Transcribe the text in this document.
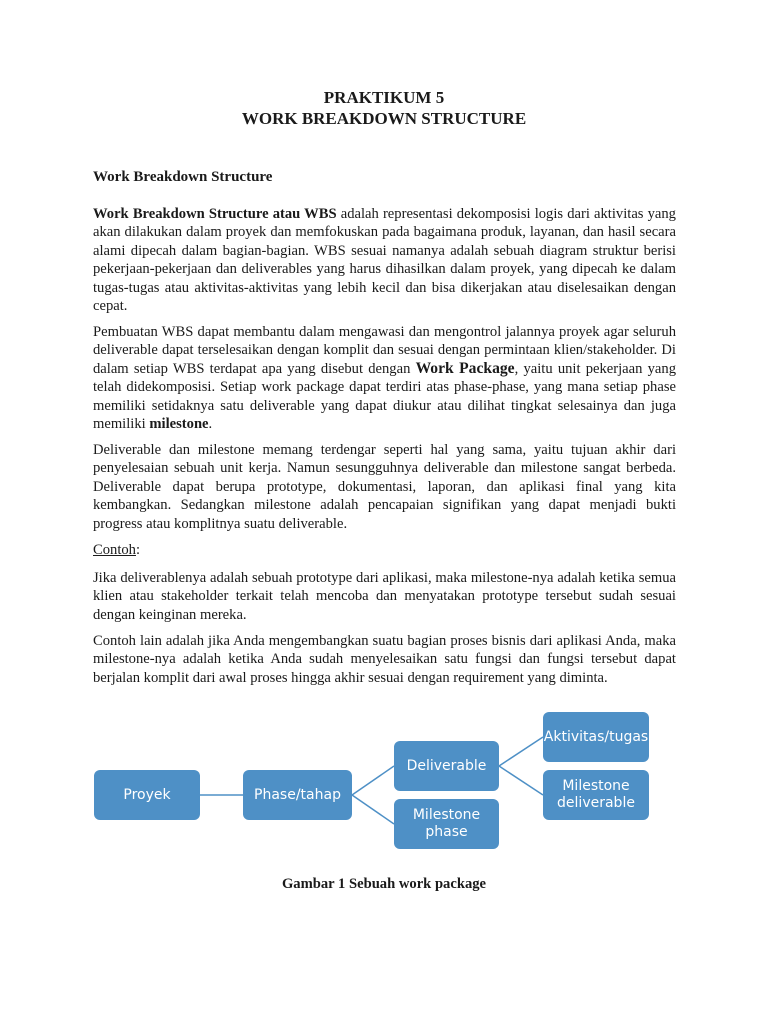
PRAKTIKUM 5
WORK BREAKDOWN STRUCTURE
Work Breakdown Structure

Work Breakdown Structure atau WBS adalah representasi dekomposisi logis dari aktivitas yang akan dilakukan dalam proyek dan memfokuskan pada bagaimana produk, layanan, dan hasil secara alami dipecah dalam bagian-bagian. WBS sesuai namanya adalah sebuah diagram struktur berisi pekerjaan-pekerjaan dan deliverables yang harus dihasilkan dalam proyek, yang dipecah ke dalam tugas-tugas atau aktivitas-aktivitas yang lebih kecil dan bisa dikerjakan atau diselesaikan dengan cepat.

Pembuatan WBS dapat membantu dalam mengawasi dan mengontrol jalannya proyek agar seluruh deliverable dapat terselesaikan dengan komplit dan sesuai dengan permintaan klien/stakeholder. Di dalam setiap WBS terdapat apa yang disebut dengan Work Package, yaitu unit pekerjaan yang telah didekomposisi. Setiap work package dapat terdiri atas phase-phase, yang mana setiap phase memiliki setidaknya satu deliverable yang dapat diukur atau dilihat tingkat selesainya dan juga memiliki milestone.

Deliverable dan milestone memang terdengar seperti hal yang sama, yaitu tujuan akhir dari penyelesaian sebuah unit kerja. Namun sesungguhnya deliverable dan milestone sangat berbeda. Deliverable dapat berupa prototype, dokumentasi, laporan, dan aplikasi final yang kita kembangkan. Sedangkan milestone adalah pencapaian signifikan yang dapat menjadi bukti progress atau komplitnya suatu deliverable.

Contoh:

Jika deliverablenya adalah sebuah prototype dari aplikasi, maka milestone-nya adalah ketika semua klien atau stakeholder terkait telah mencoba dan menyatakan prototype tersebut sudah sesuai dengan keinginan mereka.

Contoh lain adalah jika Anda mengembangkan suatu bagian proses bisnis dari aplikasi Anda, maka milestone-nya adalah ketika Anda sudah menyelesaikan satu fungsi dan fungsi tersebut dapat berjalan komplit dari awal proses hingga akhir sesuai dengan requirement yang diminta.

Proyek	Phase/tahap
Deliverable
Milestone
phase
Aktivitas/tugas
Milestone
deliverable
Gambar 1 Sebuah work package
